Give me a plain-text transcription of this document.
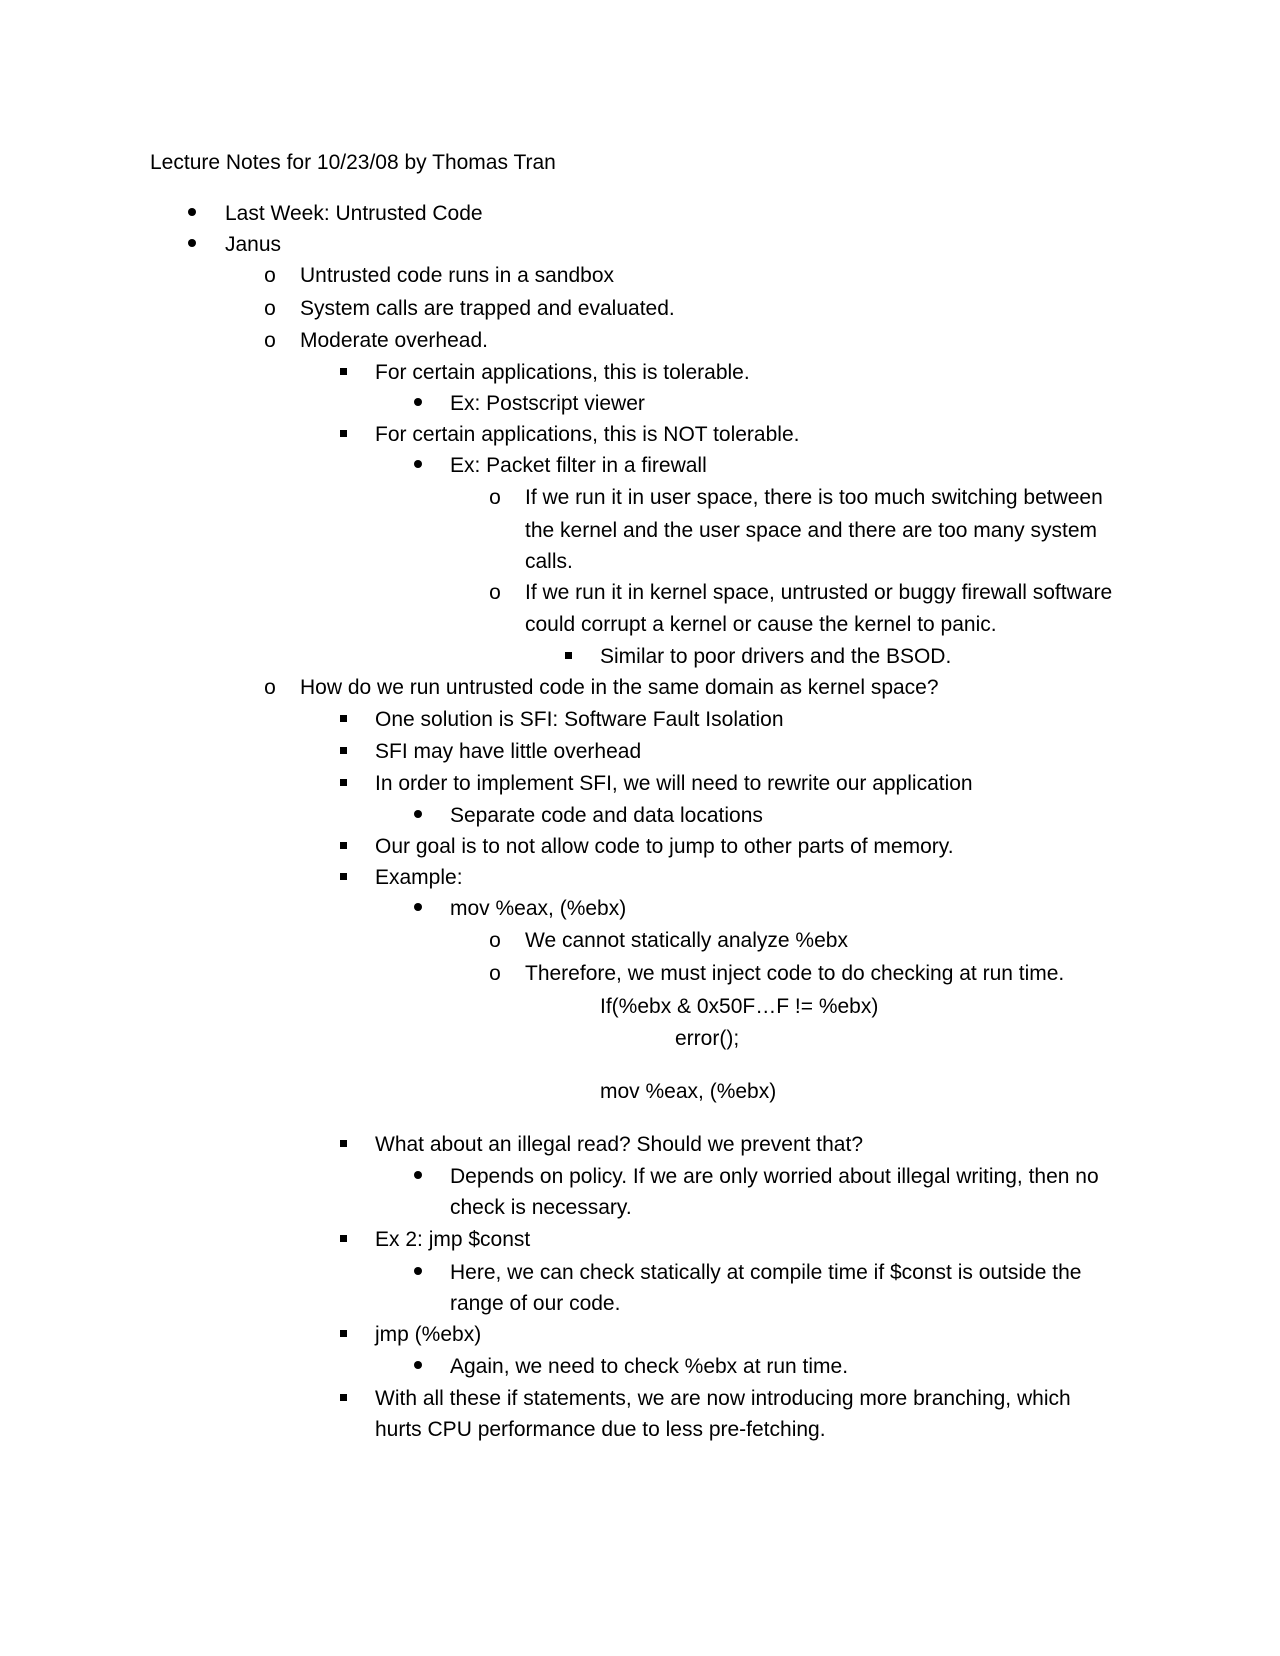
Lecture Notes for 10/23/08 by Thomas Tran
Last Week: Untrusted Code
Janus
o Untrusted code runs in a sandbox
o System calls are trapped and evaluated.
o Moderate overhead.
For certain applications, this is tolerable.
Ex: Postscript viewer
For certain applications, this is NOT tolerable.
Ex: Packet filter in a firewall
o If we run it in user space, there is too much switching between
the kernel and the user space and there are too many system
calls.
o If we run it in kernel space, untrusted or buggy firewall software
could corrupt a kernel or cause the kernel to panic.
Similar to poor drivers and the BSOD.
o How do we run untrusted code in the same domain as kernel space?
One solution is SFI: Software Fault Isolation
SFI may have little overhead
In order to implement SFI, we will need to rewrite our application
Separate code and data locations
Our goal is to not allow code to jump to other parts of memory.
Example:
mov %eax, (%ebx)
o We cannot statically analyze %ebx
o Therefore, we must inject code to do checking at run time.
If(%ebx & 0x50F…F != %ebx)
error();
mov %eax, (%ebx)
What about an illegal read? Should we prevent that?
Depends on policy. If we are only worried about illegal writing, then no
check is necessary.
Ex 2: jmp $const
Here, we can check statically at compile time if $const is outside the
range of our code.
jmp (%ebx)
Again, we need to check %ebx at run time.
With all these if statements, we are now introducing more branching, which
hurts CPU performance due to less pre-fetching.
